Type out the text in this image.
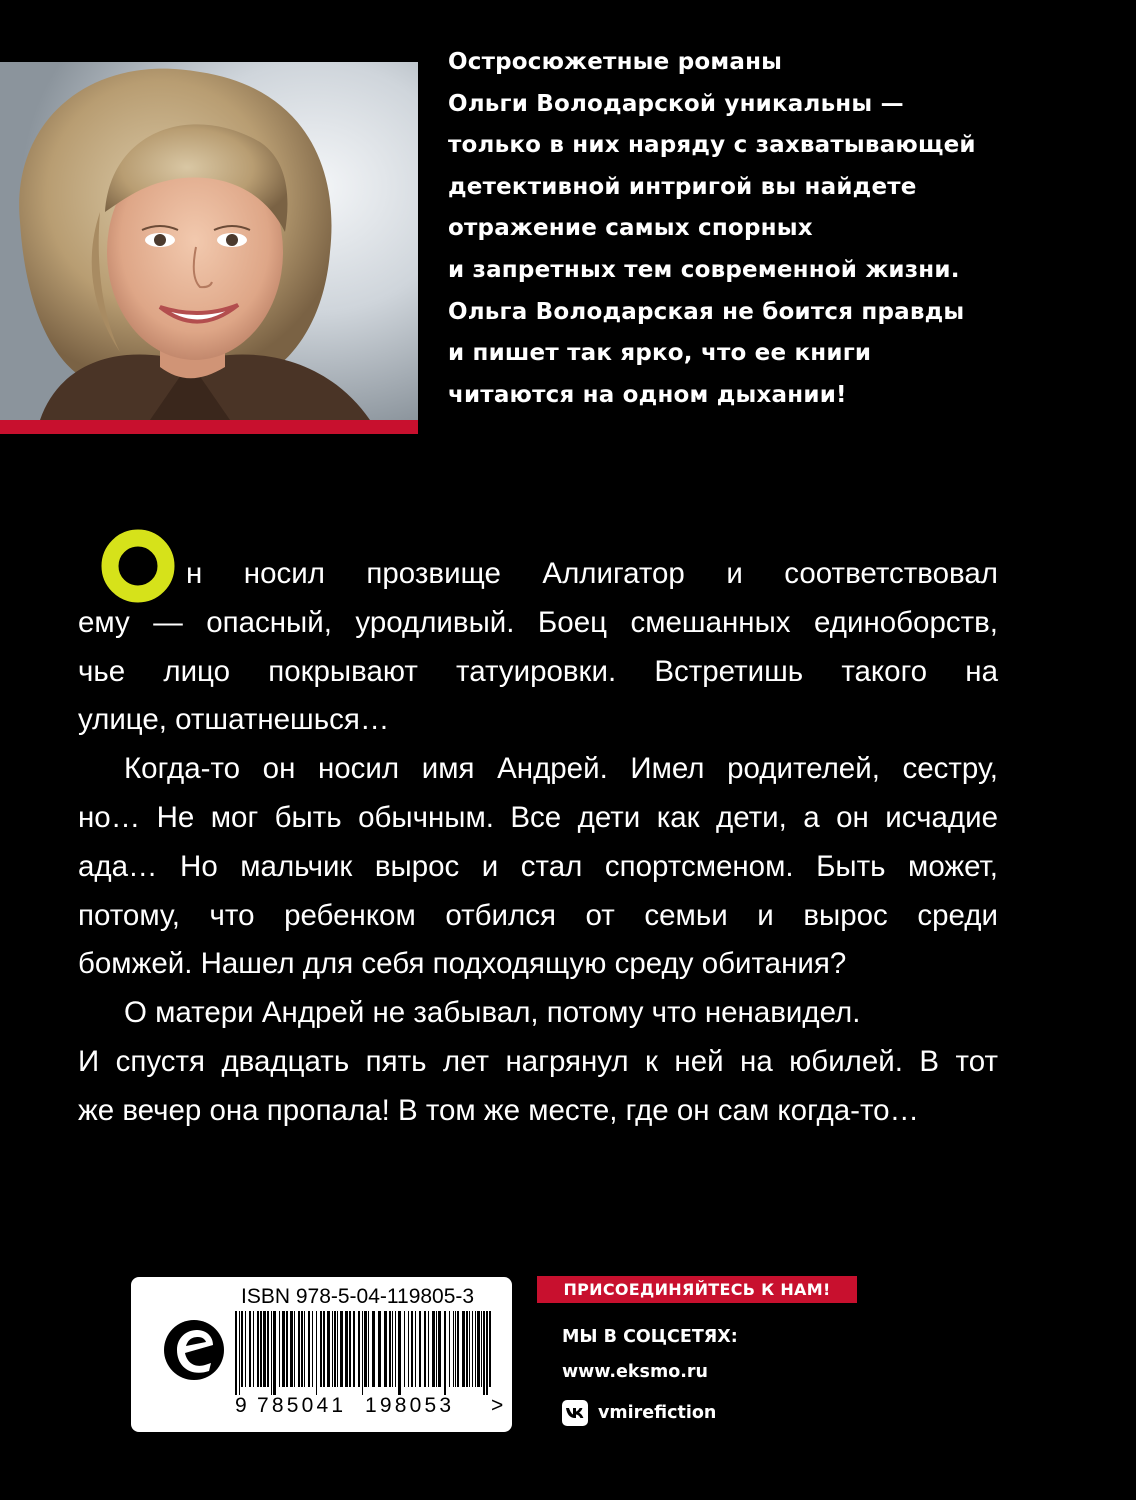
Остросюжетные романы
Ольги Володарской уникальны —
только в них наряду с захватывающей
детективной интригой вы найдете
отражение самых спорных
и запретных тем современной жизни.
Ольга Володарская не боится правды
и пишет так ярко, что ее книги
читаются на одном дыхании!
О
н носил прозвище Аллигатор и соответствовал
ему — опасный, уродливый. Боец смешанных единоборств,
чье лицо покрывают татуировки. Встретишь такого на
улице, отшатнешься…
Когда-то он носил имя Андрей. Имел родителей, сестру,
но… Не мог быть обычным. Все дети как дети, а он исчадие
ада… Но мальчик вырос и стал спортсменом. Быть может,
потому, что ребенком отбился от семьи и вырос среди
бомжей. Нашел для себя подходящую среду обитания?
О матери Андрей не забывал, потому что ненавидел.
И спустя двадцать пять лет нагрянул к ней на юбилей. В тот
же вечер она пропала! В том же месте, где он сам когда-то…
ISBN 978-5-04-119805-3
9 785041 198053 >
ПРИСОЕДИНЯЙТЕСЬ К НАМ!
МЫ В СОЦСЕТЯХ:
www.eksmo.ru
vmirefiction
